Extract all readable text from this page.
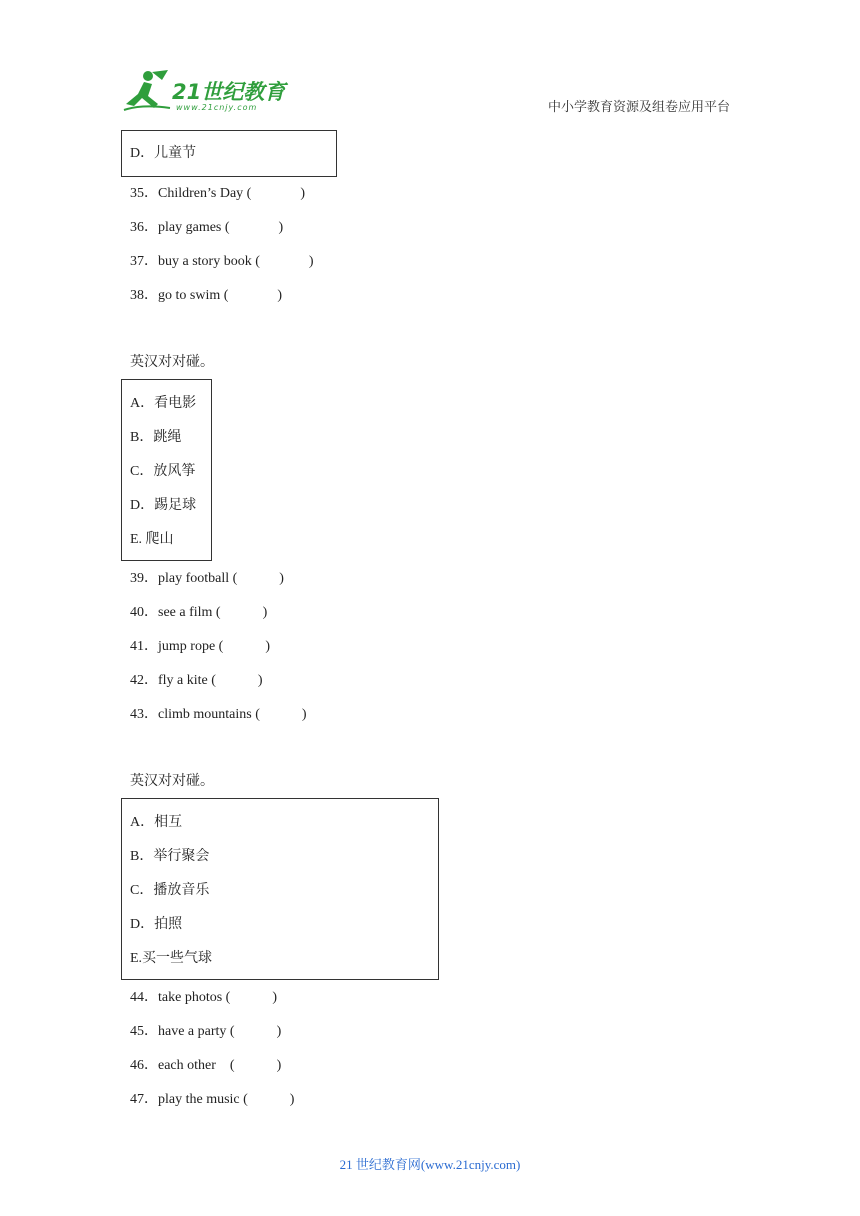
21世纪教育
www.21cnjy.com	中小学教育资源及组卷应用平台
D．儿童节
35．Children’s Day (              )
36．play games (              )
37．buy a story book (              )
38．go to swim (              )
英汉对对碰。
A．看电影
B．跳绳
C．放风筝
D．踢足球
E. 爬山
39．play football (            )
40．see a film (            )
41．jump rope (            )
42．fly a kite (            )
43．climb mountains (            )
英汉对对碰。
A．相互
B．举行聚会
C．播放音乐
D．拍照
E.买一些气球
44．take photos (            )
45．have a party (            )
46．each other    (            )
47．play the music (            )
21 世纪教育网(www.21cnjy.com)
